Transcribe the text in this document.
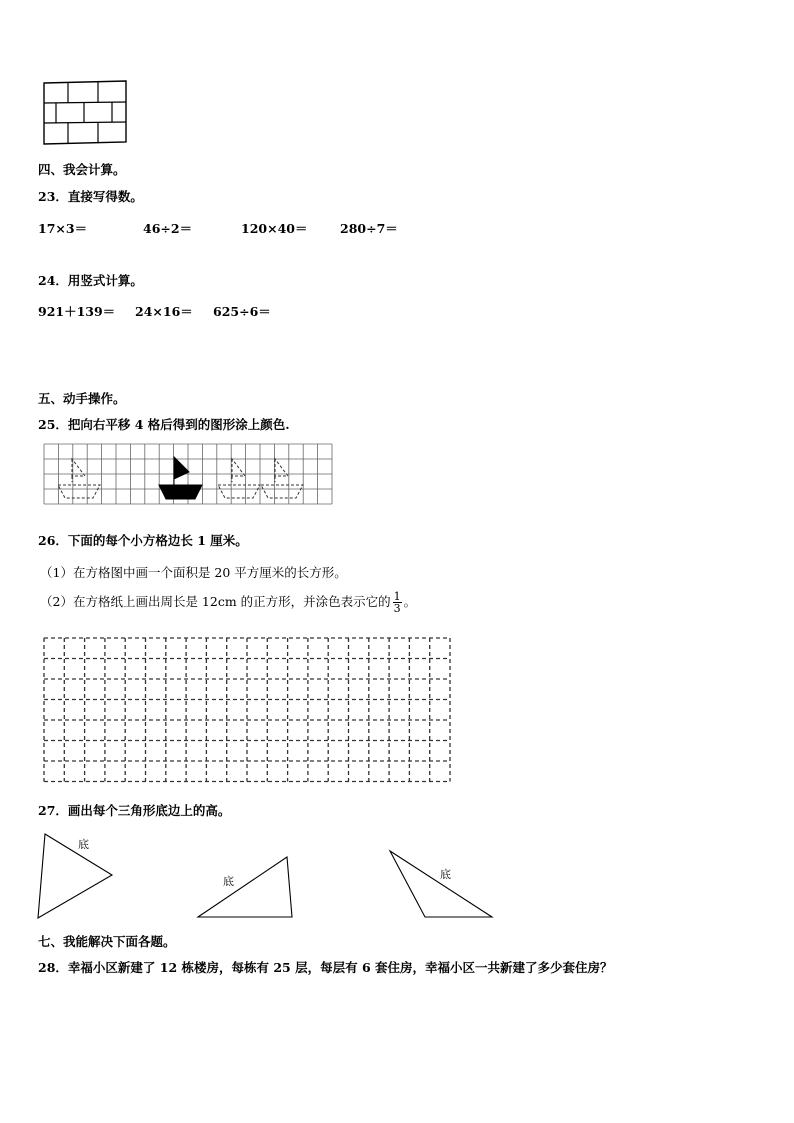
四、我会计算。
23．直接写得数。
17×3＝	46÷2＝	120×40＝	280÷7＝
24．用竖式计算。
921＋139＝ 24×16＝ 625÷6＝
五、动手操作。
25．把向右平移 4 格后得到的图形涂上颜色.
26．下面的每个小方格边长 1 厘米。
（1）在方格图中画一个面积是 20 平方厘米的长方形。
（2）在方格纸上画出周长是 12cm 的正方形，并涂色表示它的 $\frac{1}{3}$ 。
27．画出每个三角形底边上的高。
底
底
底
七、我能解决下面各题。
28．幸福小区新建了 12 栋楼房，每栋有 25 层，每层有 6 套住房，幸福小区一共新建了多少套住房？
